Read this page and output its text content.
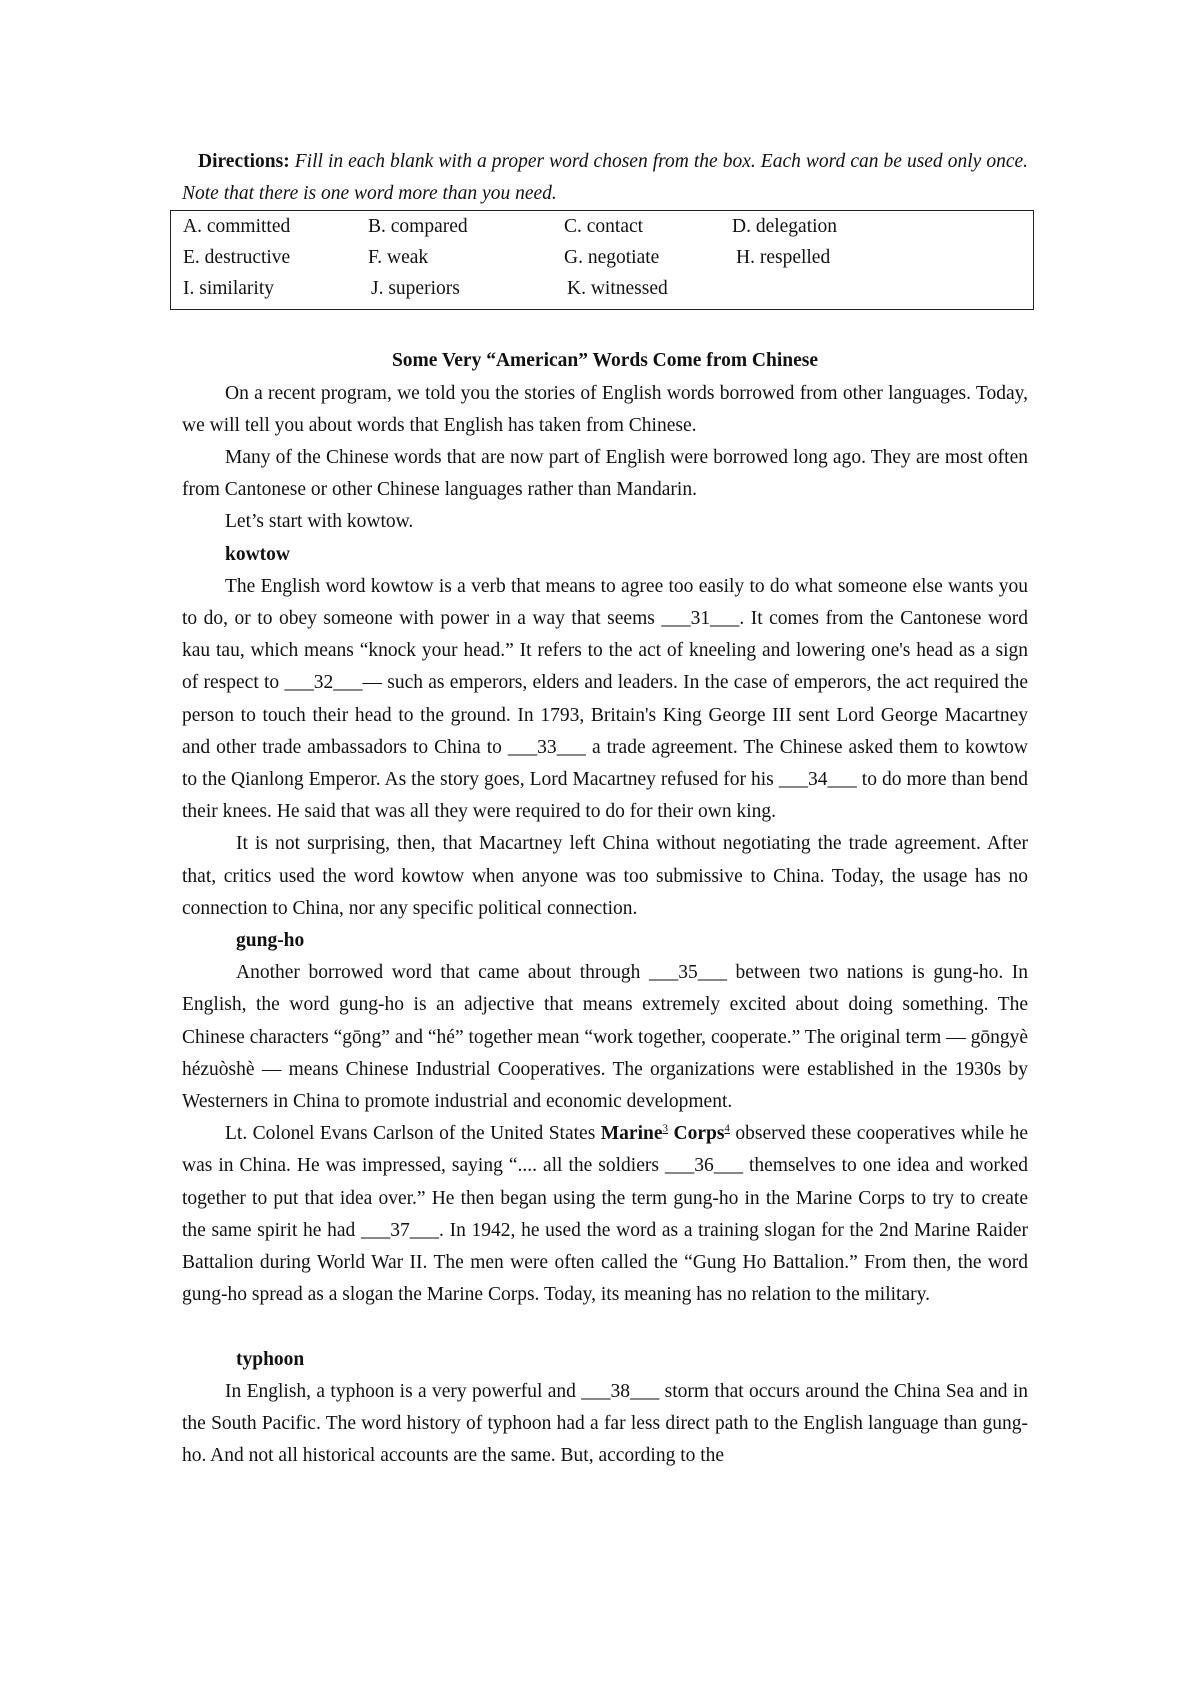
Directions: Fill in each blank with a proper word chosen from the box. Each word can be used only once. Note that there is one word more than you need.

A. committed	B. compared	C. contact	D. delegation
E. destructive	F. weak	G. negotiate	H. respelled
I. similarity	J. superiors	K. witnessed
Some Very “American” Words Come from Chinese

On a recent program, we told you the stories of English words borrowed from other languages. Today, we will tell you about words that English has taken from Chinese.

Many of the Chinese words that are now part of English were borrowed long ago. They are most often from Cantonese or other Chinese languages rather than Mandarin.

Let’s start with kowtow.

kowtow

The English word kowtow is a verb that means to agree too easily to do what someone else wants you to do, or to obey someone with power in a way that seems ___31___. It comes from the Cantonese word kau tau, which means “knock your head.” It refers to the act of kneeling and lowering one's head as a sign of respect to ___32___— such as emperors, elders and leaders. In the case of emperors, the act required the person to touch their head to the ground. In 1793, Britain's King George III sent Lord George Macartney and other trade ambassadors to China to ___33___ a trade agreement. The Chinese asked them to kowtow to the Qianlong Emperor. As the story goes, Lord Macartney refused for his ___34___ to do more than bend their knees. He said that was all they were required to do for their own king.

It is not surprising, then, that Macartney left China without negotiating the trade agreement. After that, critics used the word kowtow when anyone was too submissive to China. Today, the usage has no connection to China, nor any specific political connection.

gung-ho

Another borrowed word that came about through ___35___ between two nations is gung-ho. In English, the word gung-ho is an adjective that means extremely excited about doing something. The Chinese characters “gōng” and “hé” together mean “work together, cooperate.” The original term — gōngyè hézuòshè — means Chinese Industrial Cooperatives. The organizations were established in the 1930s by Westerners in China to promote industrial and economic development.

Lt. Colonel Evans Carlson of the United States Marine$^3$ Corps$^4$ observed these cooperatives while he was in China. He was impressed, saying “.... all the soldiers ___36___ themselves to one idea and worked together to put that idea over.” He then began using the term gung-ho in the Marine Corps to try to create the same spirit he had ___37___. In 1942, he used the word as a training slogan for the 2nd Marine Raider Battalion during World War II. The men were often called the “Gung Ho Battalion.” From then, the word gung-ho spread as a slogan the Marine Corps. Today, its meaning has no relation to the military.

typhoon

In English, a typhoon is a very powerful and ___38___ storm that occurs around the China Sea and in the South Pacific. The word history of typhoon had a far less direct path to the English language than gung-ho. And not all historical accounts are the same. But, according to the
